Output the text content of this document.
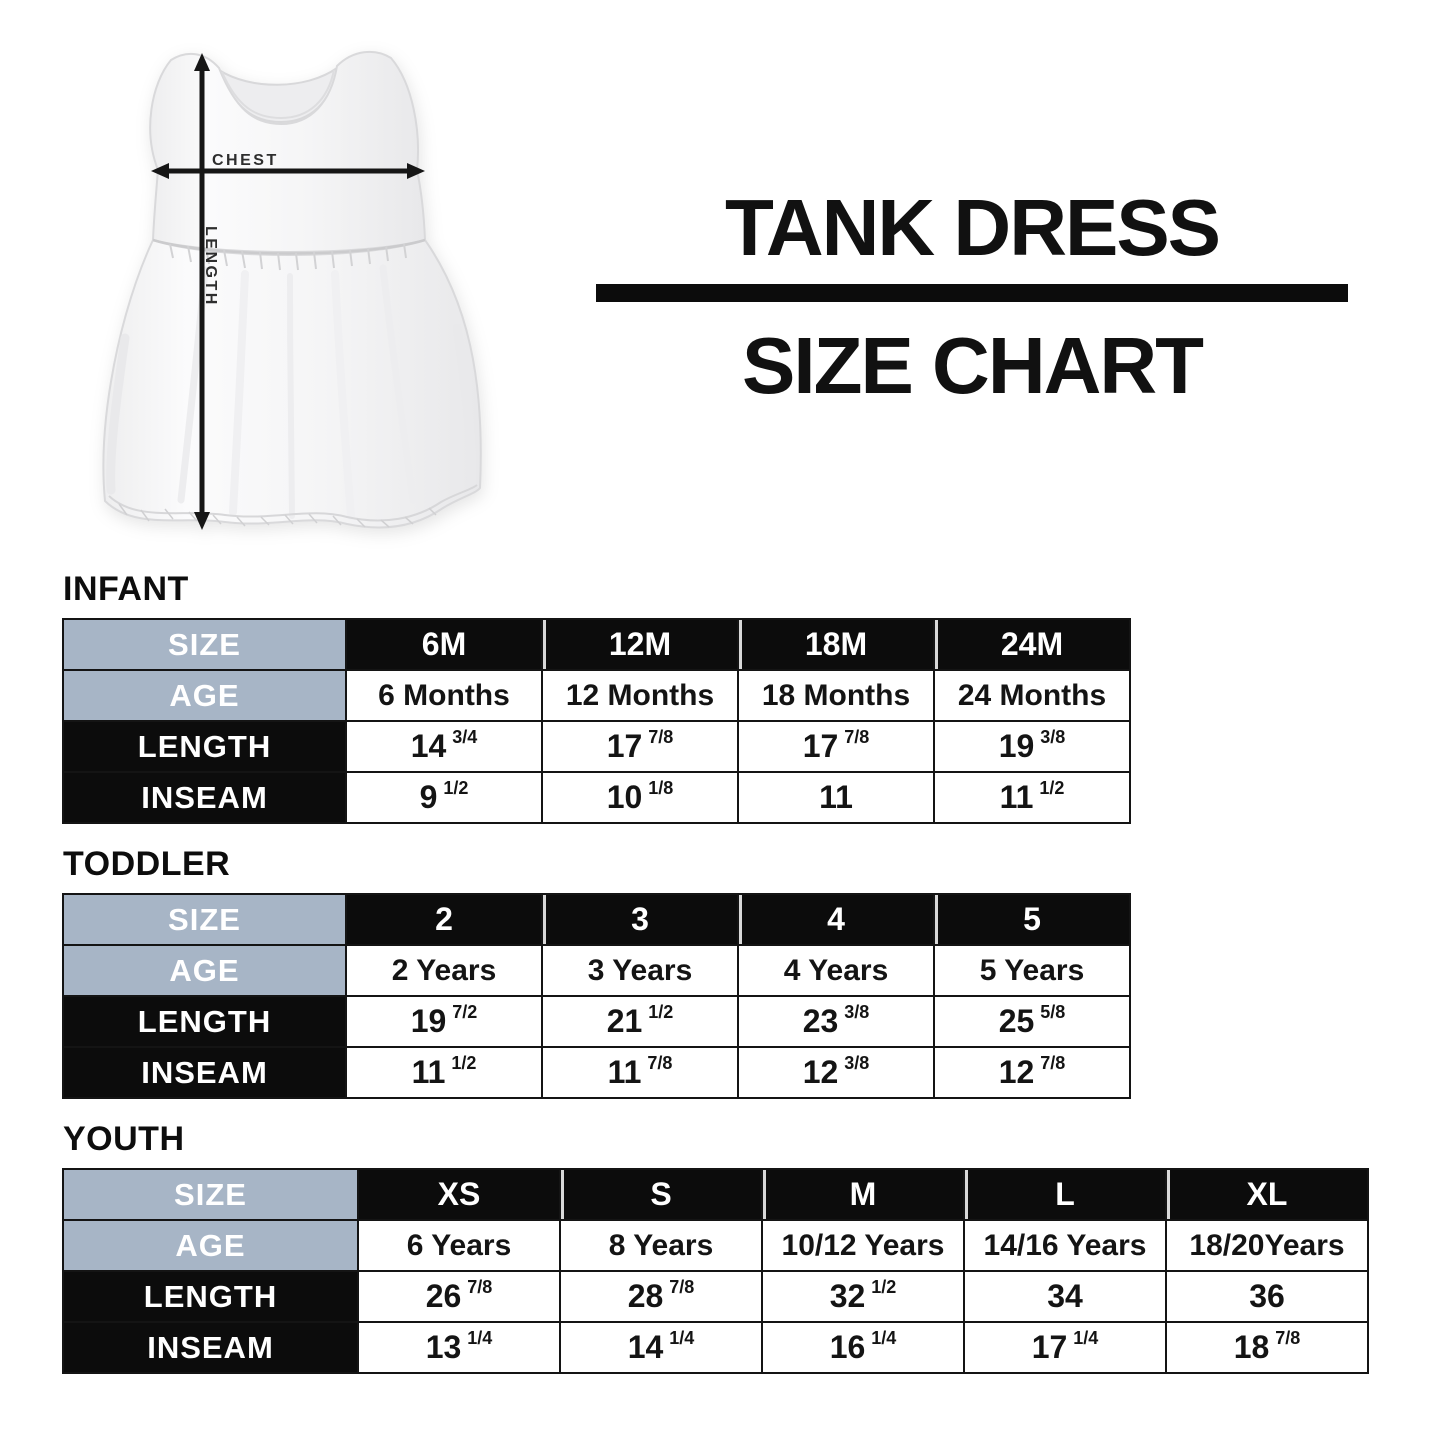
CHEST
LENGTH	TANK DRESS
SIZE CHART
INFANT
SIZE	6M	12M	18M	24M
AGE	6 Months	12 Months	18 Months	24 Months
LENGTH	14 3/4	17 7/8	17 7/8	19 3/8
INSEAM	9 1/2	10 1/8	11	11 1/2
TODDLER
SIZE	2	3	4	5
AGE	2 Years	3 Years	4 Years	5 Years
LENGTH	19 7/2	21 1/2	23 3/8	25 5/8
INSEAM	11 1/2	11 7/8	12 3/8	12 7/8
YOUTH
SIZE	XS	S	M	L	XL
AGE	6 Years	8 Years	10/12 Years	14/16 Years	18/20Years
LENGTH	26 7/8	28 7/8	32 1/2	34	36
INSEAM	13 1/4	14 1/4	16 1/4	17 1/4	18 7/8
